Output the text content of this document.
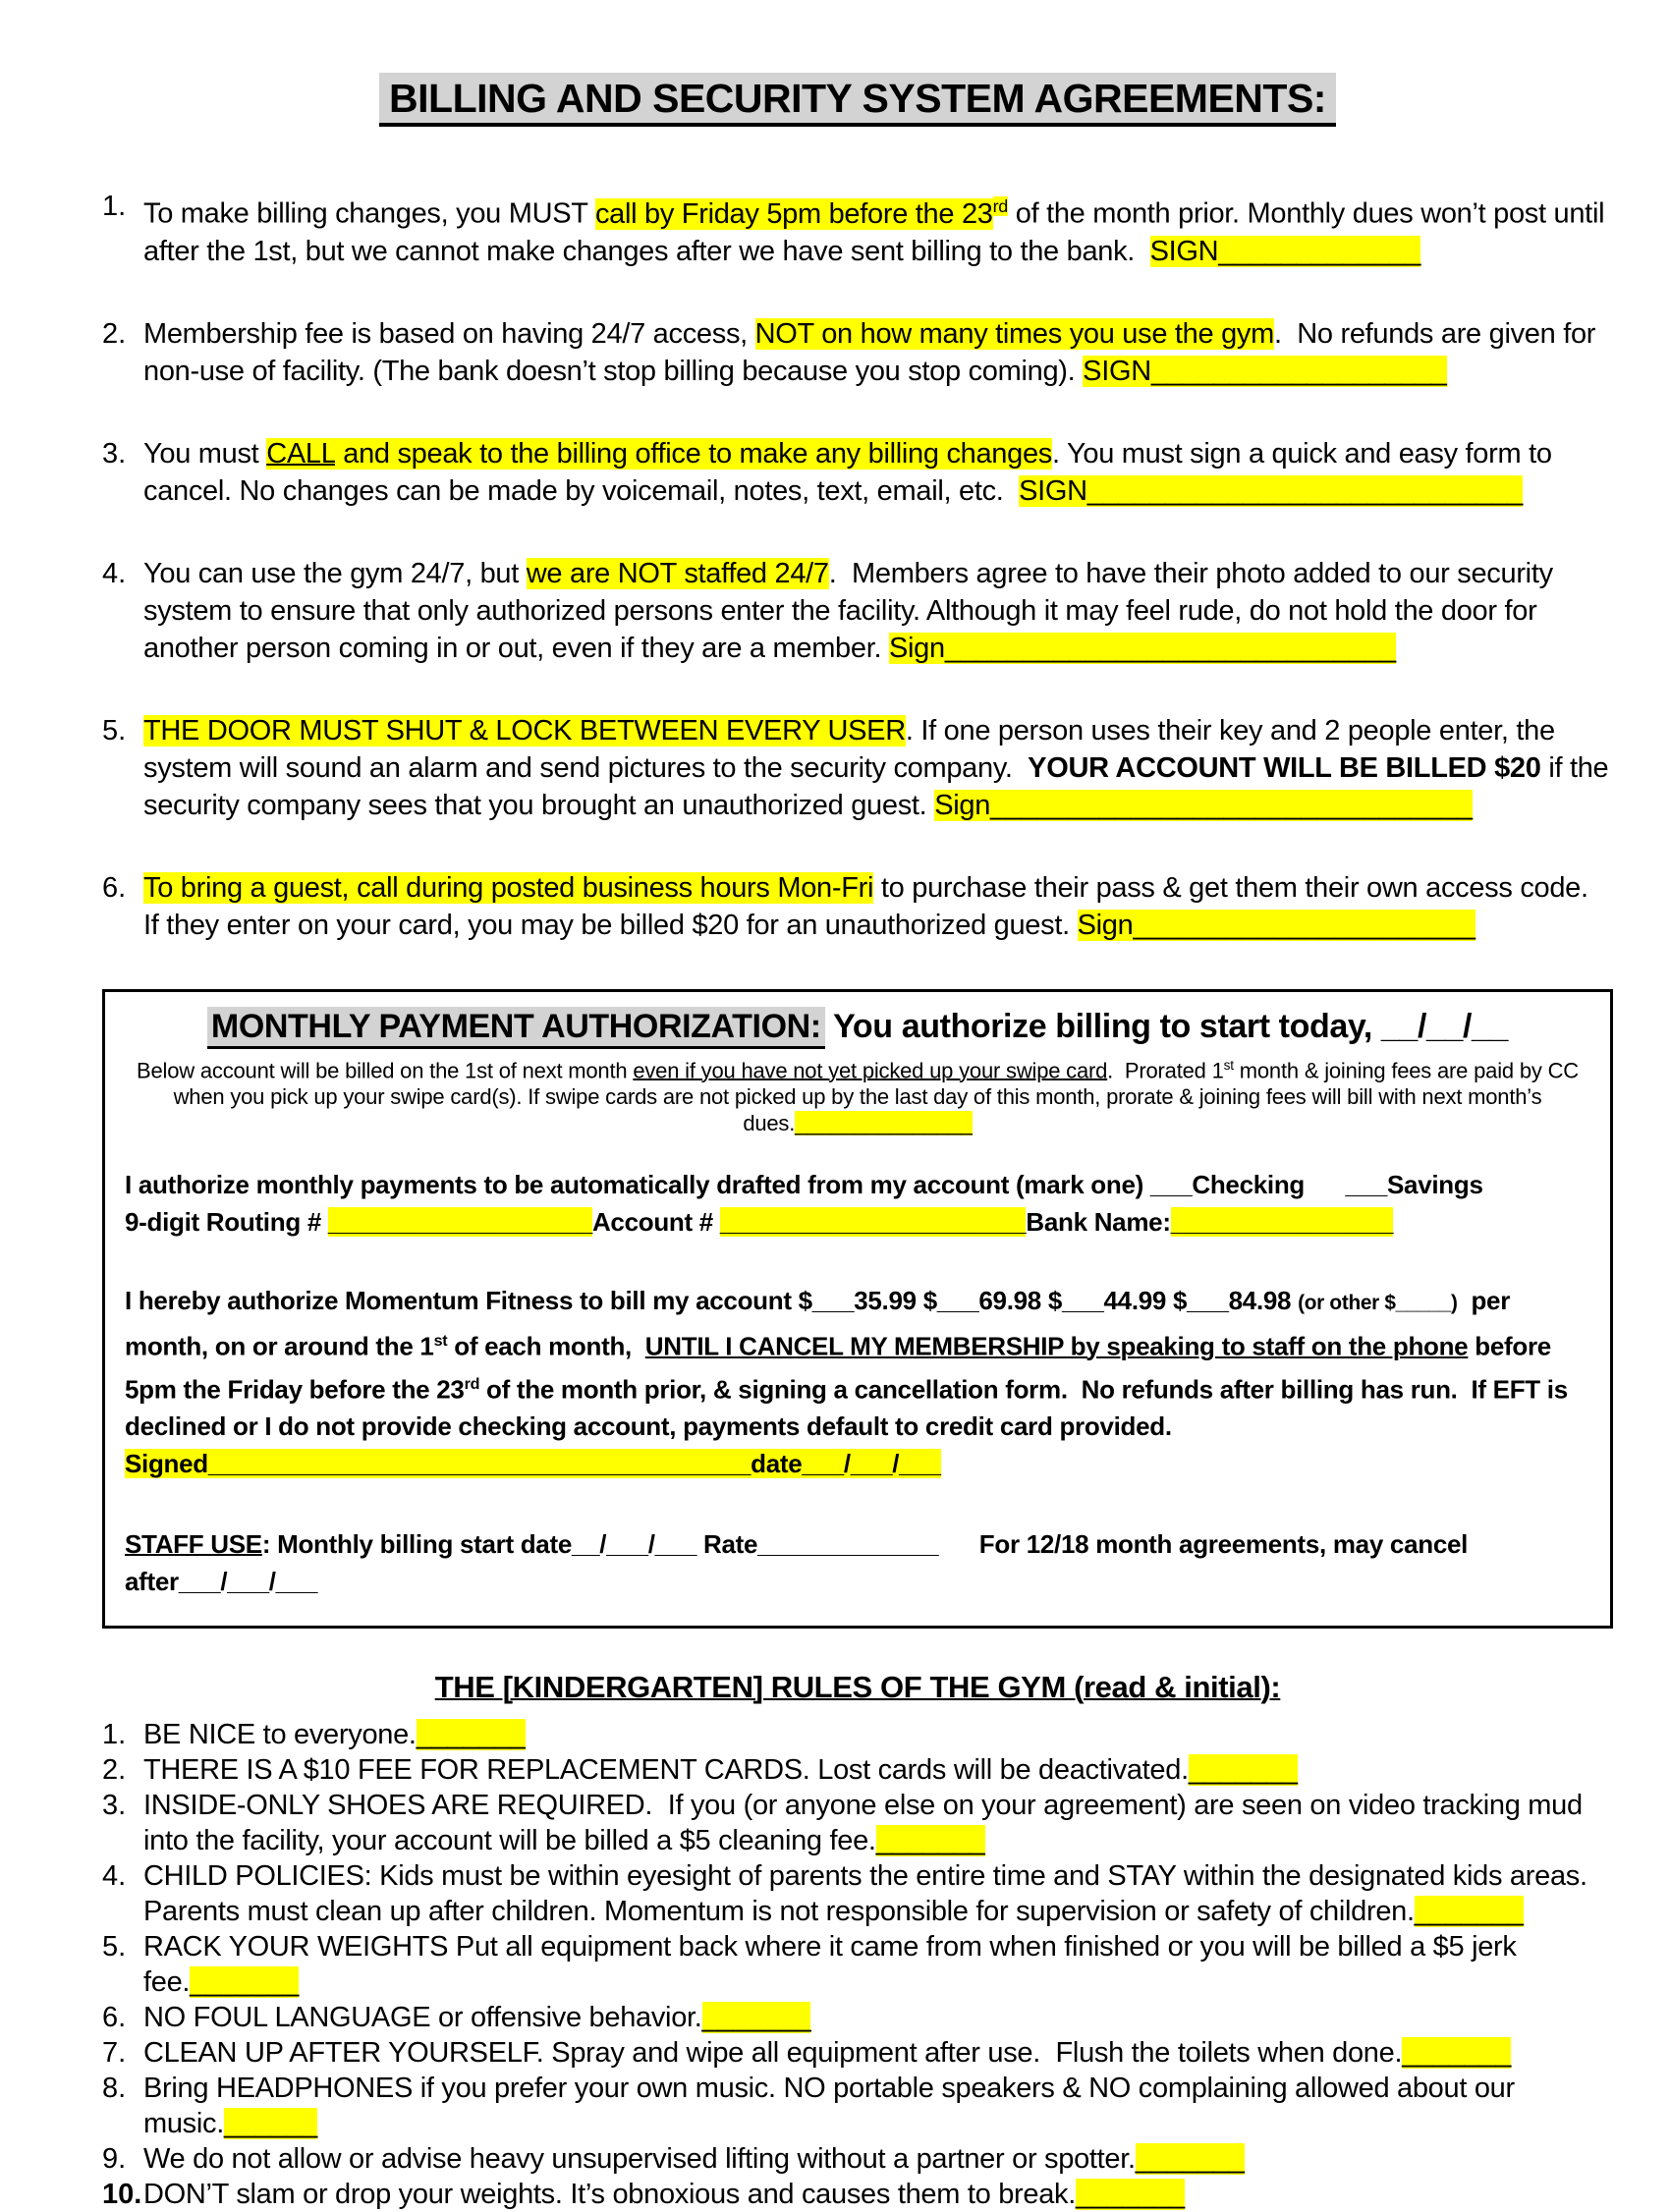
BILLING AND SECURITY SYSTEM AGREEMENTS:
1. To make billing changes, you MUST call by Friday 5pm before the 23rd of the month prior. Monthly dues won’t post until after the 1st, but we cannot make changes after we have sent billing to the bank.  SIGN_____________
2. Membership fee is based on having 24/7 access, NOT on how many times you use the gym.  No refunds are given for non-use of facility. (The bank doesn’t stop billing because you stop coming). SIGN___________________
3. You must CALL and speak to the billing office to make any billing changes. You must sign a quick and easy form to cancel. No changes can be made by voicemail, notes, text, email, etc.  SIGN____________________________
4. You can use the gym 24/7, but we are NOT staffed 24/7.  Members agree to have their photo added to our security system to ensure that only authorized persons enter the facility. Although it may feel rude, do not hold the door for another person coming in or out, even if they are a member. Sign_____________________________
5. THE DOOR MUST SHUT & LOCK BETWEEN EVERY USER. If one person uses their key and 2 people enter, the system will sound an alarm and send pictures to the security company.  YOUR ACCOUNT WILL BE BILLED $20 if the security company sees that you brought an unauthorized guest. Sign_______________________________
6. To bring a guest, call during posted business hours Mon-Fri to purchase their pass & get them their own access code.  If they enter on your card, you may be billed $20 for an unauthorized guest. Sign______________________
MONTHLY PAYMENT AUTHORIZATION: You authorize billing to start today, __/__/__
Below account will be billed on the 1st of next month even if you have not yet picked up your swipe card.  Prorated 1st month & joining fees are paid by CC when you pick up your swipe card(s). If swipe cards are not picked up by the last day of this month, prorate & joining fees will bill with next month’s dues._______________
I authorize monthly payments to be automatically drafted from my account (mark one) ___Checking      ___Savings
9-digit Routing # ___________________Account # ______________________Bank Name:________________
I hereby authorize Momentum Fitness to bill my account $___35.99 $___69.98 $___44.99 $___84.98 (or other $_____)  per month, on or around the 1st of each month,  UNTIL I CANCEL MY MEMBERSHIP by speaking to staff on the phone before 5pm the Friday before the 23rd of the month prior, & signing a cancellation form.  No refunds after billing has run.  If EFT is declined or I do not provide checking account, payments default to credit card provided. Signed_______________________________________date___/___/___
STAFF USE: Monthly billing start date__/___/___ Rate_____________      For 12/18 month agreements, may cancel after___/___/___
THE [KINDERGARTEN] RULES OF THE GYM (read & initial):
1. BE NICE to everyone._______
2. THERE IS A $10 FEE FOR REPLACEMENT CARDS. Lost cards will be deactivated._______
3. INSIDE-ONLY SHOES ARE REQUIRED.  If you (or anyone else on your agreement) are seen on video tracking mud into the facility, your account will be billed a $5 cleaning fee._______
4. CHILD POLICIES: Kids must be within eyesight of parents the entire time and STAY within the designated kids areas. Parents must clean up after children. Momentum is not responsible for supervision or safety of children._______
5. RACK YOUR WEIGHTS Put all equipment back where it came from when finished or you will be billed a $5 jerk fee._______
6. NO FOUL LANGUAGE or offensive behavior._______
7. CLEAN UP AFTER YOURSELF. Spray and wipe all equipment after use.  Flush the toilets when done._______
8. Bring HEADPHONES if you prefer your own music. NO portable speakers & NO complaining allowed about our music.______
9. We do not allow or advise heavy unsupervised lifting without a partner or spotter._______
10. DON’T slam or drop your weights. It’s obnoxious and causes them to break._______
